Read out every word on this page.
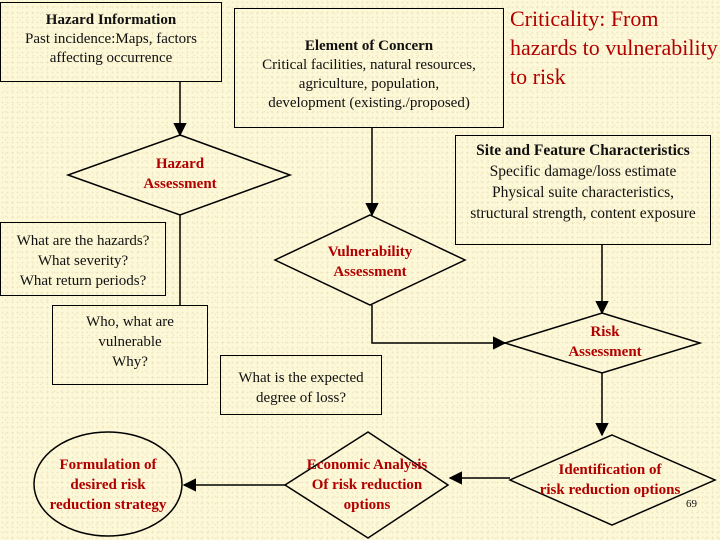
Hazard Information
Past incidence:Maps, factors
affecting occurrence
Element of Concern
Critical facilities, natural resources,
agriculture, population,
development (existing./proposed)
Criticality: From hazards to vulnerability to risk
Site and Feature Characteristics
Specific damage/loss estimate
Physical suite characteristics,
structural strength, content exposure
Hazard
Assessment
What are the hazards?
What severity?
What return periods?
Vulnerability
Assessment
Who, what are
vulnerable
Why?
Risk
Assessment
What is the expected
degree of loss?
Formulation of
desired risk
reduction strategy
Economic Analysis
Of risk reduction
options
Identification of
risk reduction options
69
